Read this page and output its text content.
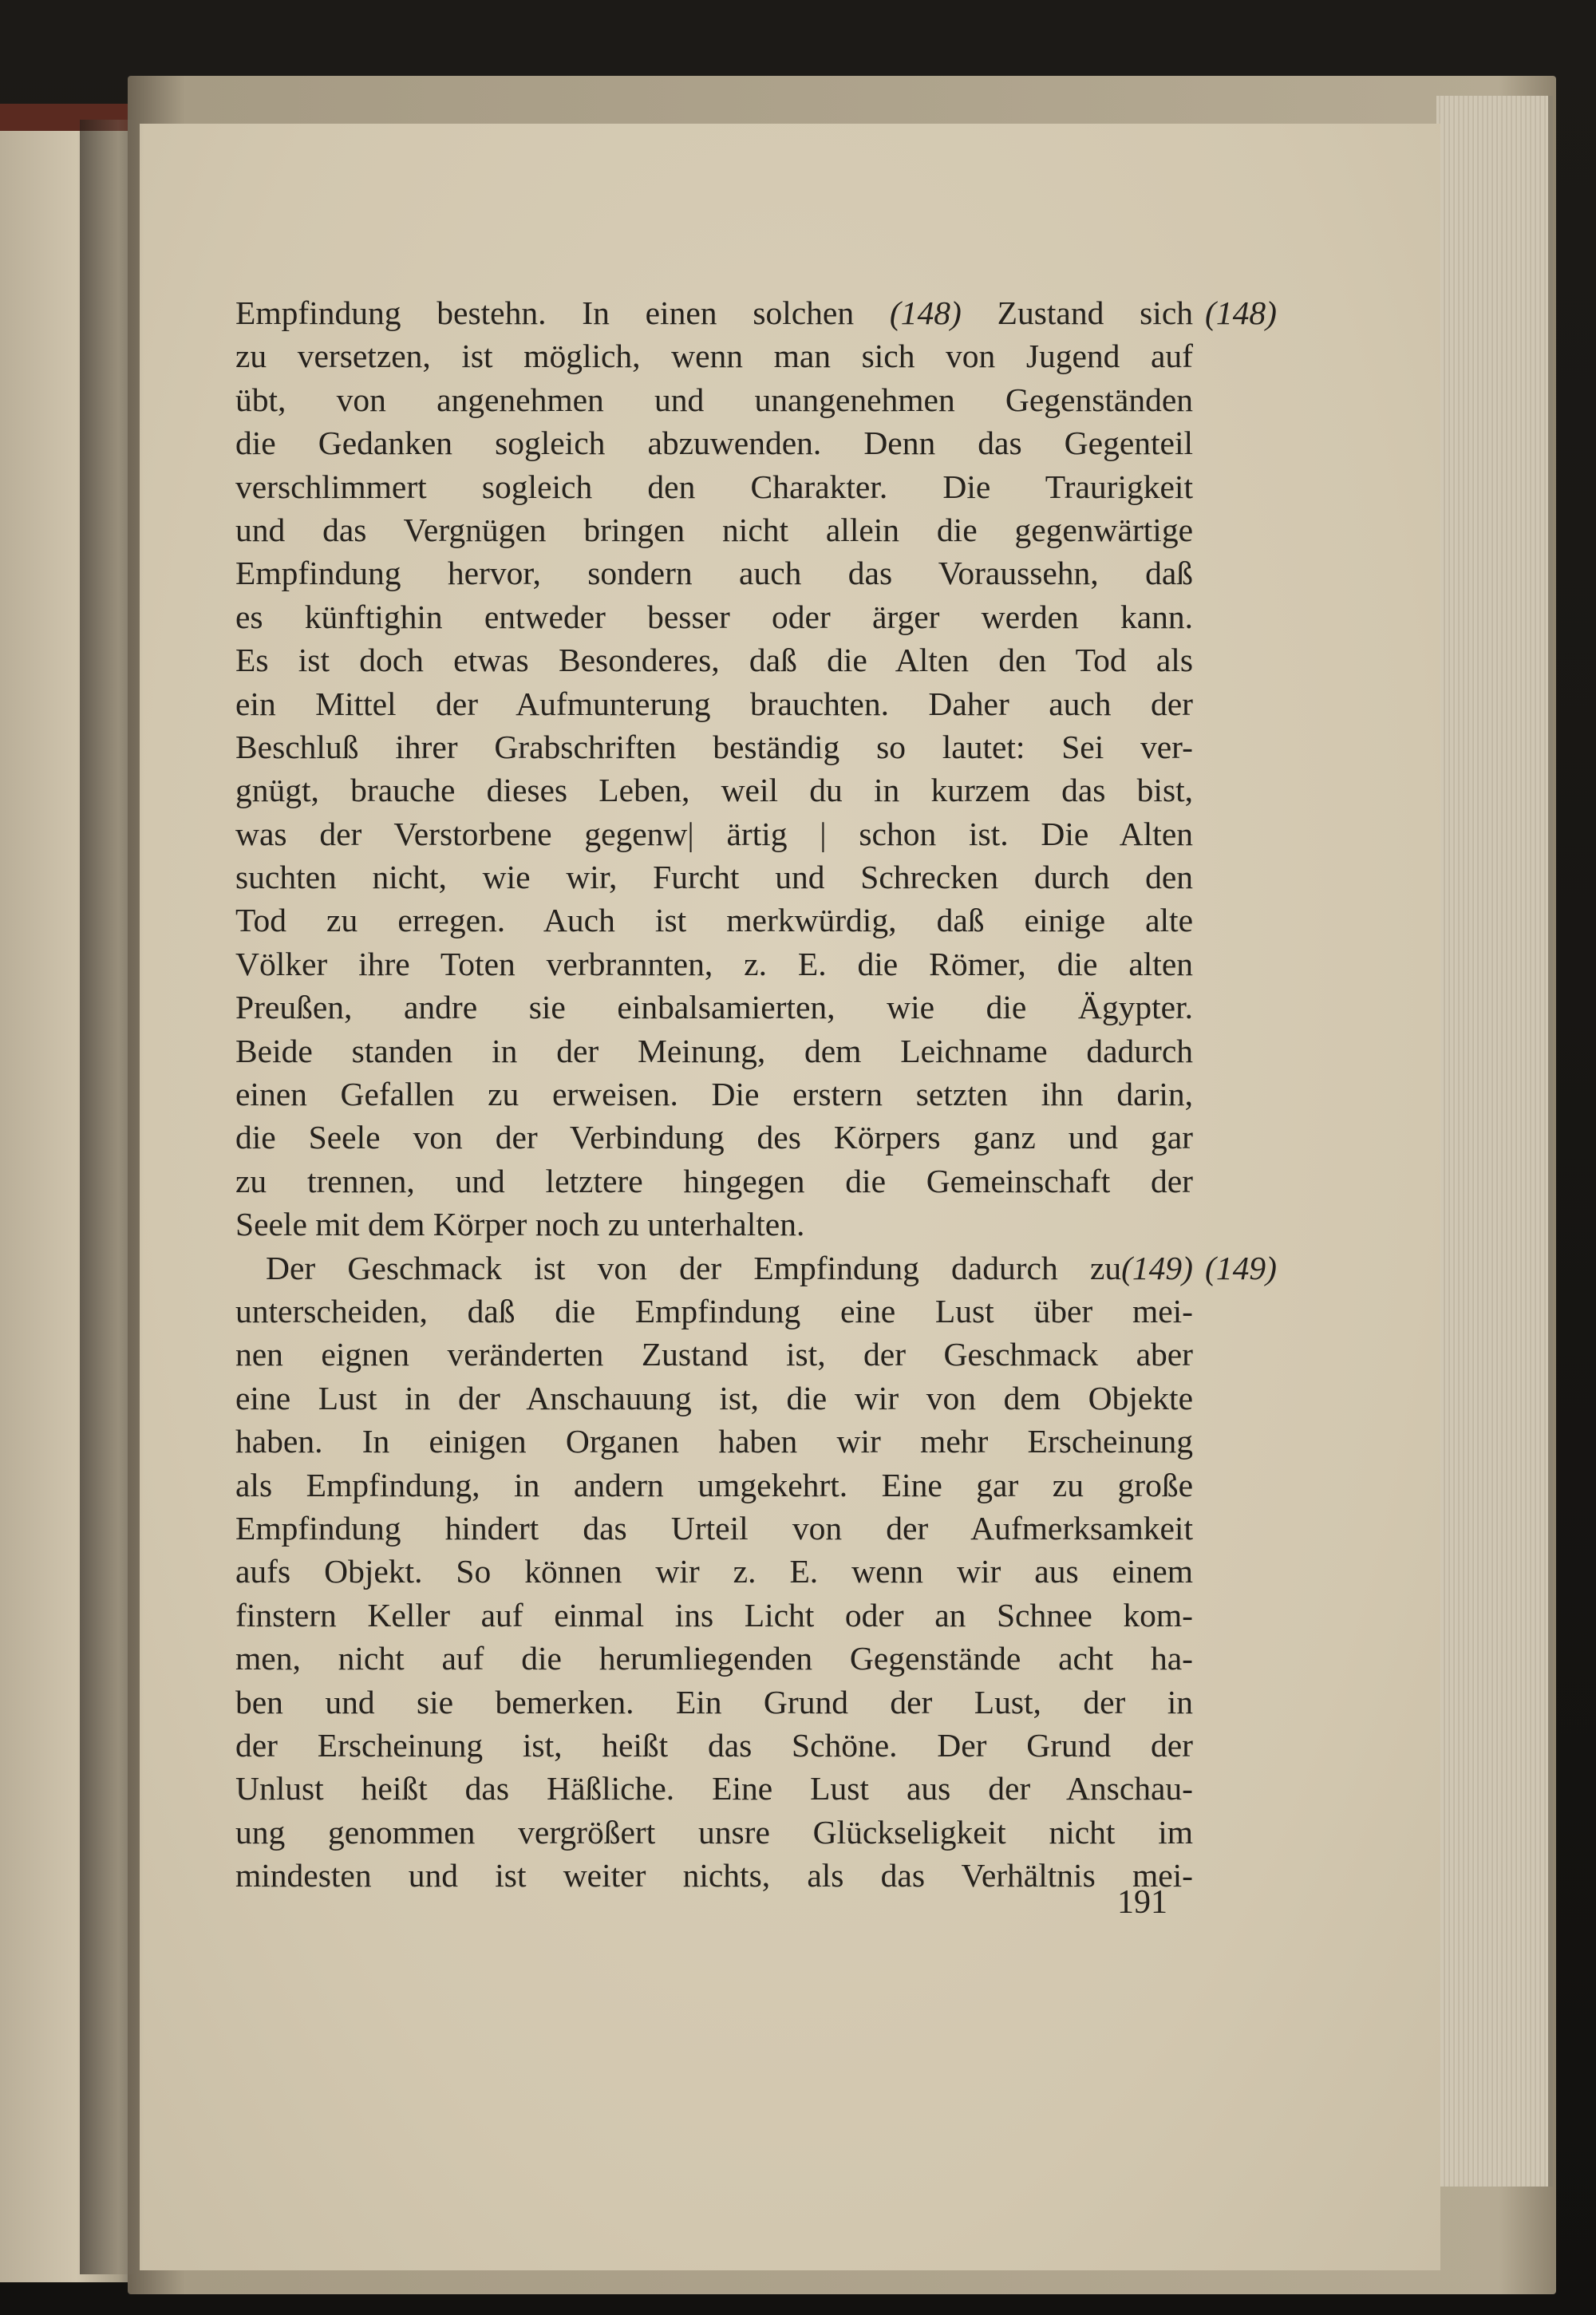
Empfindung bestehn. In einen solchen (148) Zustand sich
zu versetzen, ist möglich, wenn man sich von Jugend auf
übt, von angenehmen und unangenehmen Gegenständen
die Gedanken sogleich abzuwenden. Denn das Gegenteil
verschlimmert sogleich den Charakter. Die Traurigkeit
und das Vergnügen bringen nicht allein die gegenwärtige
Empfindung hervor, sondern auch das Voraussehn, daß
es künftighin entweder besser oder ärger werden kann.
Es ist doch etwas Besonderes, daß die Alten den Tod als
ein Mittel der Aufmunterung brauchten. Daher auch der
Beschluß ihrer Grabschriften beständig so lautet: Sei ver-
gnügt, brauche dieses Leben, weil du in kurzem das bist,
was der Verstorbene gegenw| ärtig | schon ist. Die Alten
suchten nicht, wie wir, Furcht und Schrecken durch den
Tod zu erregen. Auch ist merkwürdig, daß einige alte
Völker ihre Toten verbrannten, z. E. die Römer, die alten
Preußen, andre sie einbalsamierten, wie die Ägypter.
Beide standen in der Meinung, dem Leichname dadurch
einen Gefallen zu erweisen. Die erstern setzten ihn darin,
die Seele von der Verbindung des Körpers ganz und gar
zu trennen, und letztere hingegen die Gemeinschaft der
Seele mit dem Körper noch zu unterhalten.
Der Geschmack ist von der Empfindung dadurch zu(149)
unterscheiden, daß die Empfindung eine Lust über mei-
nen eignen veränderten Zustand ist, der Geschmack aber
eine Lust in der Anschauung ist, die wir von dem Objekte
haben. In einigen Organen haben wir mehr Erscheinung
als Empfindung, in andern umgekehrt. Eine gar zu große
Empfindung hindert das Urteil von der Aufmerksamkeit
aufs Objekt. So können wir z. E. wenn wir aus einem
finstern Keller auf einmal ins Licht oder an Schnee kom-
men, nicht auf die herumliegenden Gegenstände acht ha-
ben und sie bemerken. Ein Grund der Lust, der in
der Erscheinung ist, heißt das Schöne. Der Grund der
Unlust heißt das Häßliche. Eine Lust aus der Anschau-
ung genommen vergrößert unsre Glückseligkeit nicht im
mindesten und ist weiter nichts, als das Verhältnis mei-
(148)
(149)
191
